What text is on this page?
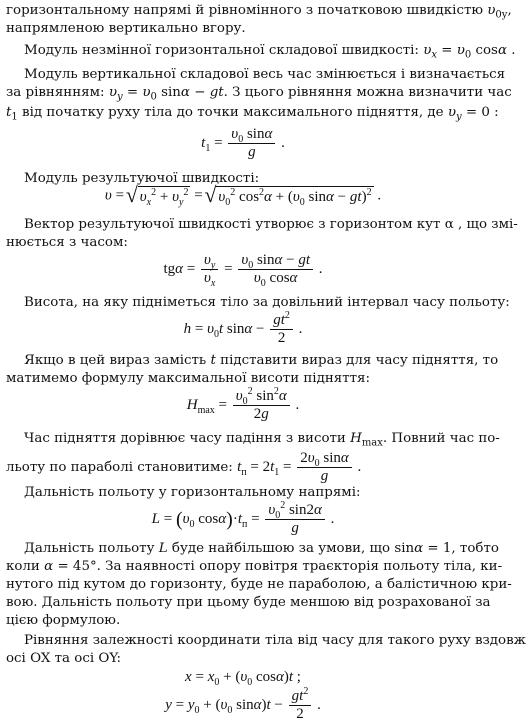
горизонтальному напрямі й рівномінного з початковою швидкістю $\upsilon_{0y}$,
напрямленою вертикально вгору.
Модуль незмінної горизонтальної складової швидкості: $\upsilon_x = \upsilon_0$ cosα .
Модуль вертикальної складової весь час змінюється і визначається
за рівнянням: $\upsilon_y = \upsilon_0$ sinα − gt. З цього рівняння можна визначити час
$t_1$ від початку руху тіла до точки максимального підняття, де $\upsilon_y = 0$ :
$t_1 = \frac{\upsilon_0 \sin\alpha}{g}$ .
Модуль результуючої швидкості:
υ = √ $\upsilon_x^2 + \upsilon_y^2$ = √ $\upsilon_0^2$ $\cos^2\alpha + (\upsilon_0$ sinα − gt)$^2$ .
Вектор результуючої швидкості утворює з горизонтом кут α , що змі-
нюється з часом:
$tg\alpha = \frac{\upsilon_y}{\upsilon_x} = \frac{\upsilon_0 \sin\alpha - gt}{\upsilon_0 \cos\alpha}$ .
Висота, на яку підніметься тіло за довільний інтервал часу польоту:
$h = \upsilon_0t$ $\sin\alpha - \frac{gt^2}{2}$ .
Якщо в цей вираз замість t підставити вираз для часу підняття, то
матимемо формулу максимальної висоти підняття:
$H_{max} = \frac{\upsilon_0^2 \sin^2\alpha}{2g}$ .
Час підняття дорівнює часу падіння з висоти $H_{max}$. Повний час по-
льоту по параболі становитиме: $t_п = 2t_1 = \frac{2\upsilon_0 \sin\alpha}{g}$ .
Дальність польоту у горизонтальному напрямі:
$L = (\upsilon_0$ $\cos\alpha)\cdot t_п = \frac{\upsilon_0^2 \sin 2\alpha}{g}$ .
Дальність польоту L буде найбільшою за умови, що sinα = 1, тобто
коли α = 45°. За наявності опору повітря траєкторія польоту тіла, ки-
нутого під кутом до горизонту, буде не параболою, а балістичною кри-
вою. Дальність польоту при цьому буде меншою від розрахованої за
цією формулою.
Рівняння залежності координати тіла від часу для такого руху вздовж
осі OX та осі OY:
$x = x_0 + (\upsilon_0$ cosα)t ;
$y = y_0 + (\upsilon_0$ $\sin\alpha)t - \frac{gt^2}{2}$ .
